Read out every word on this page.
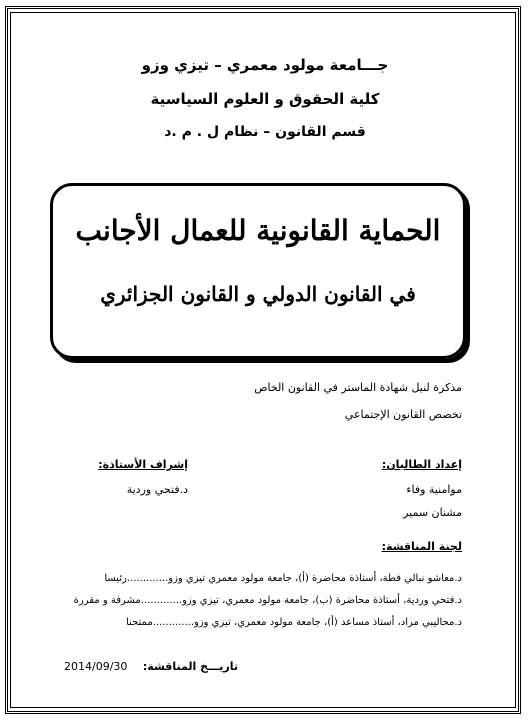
جـــامعة مولود معمري – تيزي وزو
كلية الحقوق و العلوم السياسية
قسم القانون – نظام ل . م .د
الحماية القانونية للعمال الأجانب
في القانون الدولي و القانون الجزائري
مذكرة لنيل شهادة الماستر في القانون الخاص
تخصص القانون الإجتماعي
إعداد الطالبان:
موامنية وفاء
مشنان سمير
إشراف الأستاذة:
د.فتحي وردية
لجنة المناقشة:
د.معاشو نبالي فطة، أستاذة محاضرة (أ)، جامعة مولود معمري تيزي وزو.............رئيسا
د.فتحي وردية، أستاذة محاضرة (ب)، جامعة مولود معمري، تيزي وزو.............مشرفة و مقررة
د.محاليبي مراد، أستاذ مساعد (أ)، جامعة مولود معمري، تيزي وزو.............ممتحنا
تاريـــخ المناقشة:
2014/09/30
